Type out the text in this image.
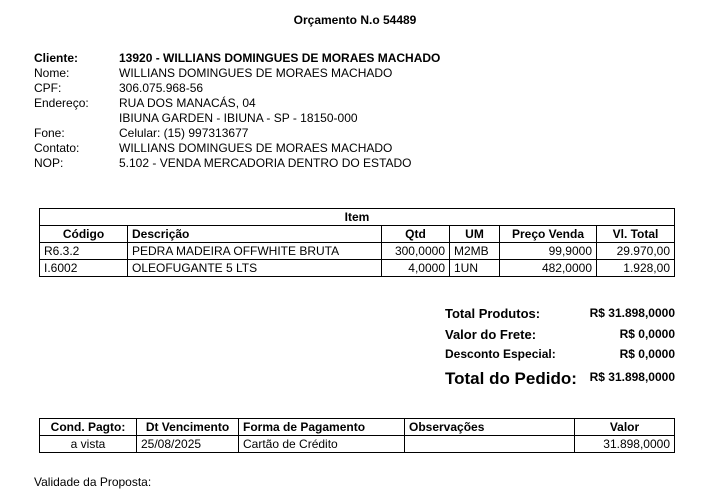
Orçamento N.o 54489
Cliente:	13920 - WILLIANS DOMINGUES DE MORAES MACHADO
Nome:	WILLIANS DOMINGUES DE MORAES MACHADO
CPF:	306.075.968-56
Endereço:	RUA DOS MANACÁS, 04
IBIUNA GARDEN - IBIUNA - SP - 18150-000
Fone:	Celular: (15) 997313677
Contato:	WILLIANS DOMINGUES DE MORAES MACHADO
NOP:	5.102 - VENDA MERCADORIA DENTRO DO ESTADO
Item					
Código	Descrição	Qtd	UM	Preço Venda	Vl. Total
R6.3.2	PEDRA MADEIRA OFFWHITE BRUTA	300,0000	M2MB	99,9000	29.970,00
I.6002	OLEOFUGANTE 5 LTS	4,0000	1UN	482,0000	1.928,00
Total Produtos:	R$ 31.898,0000
Valor do Frete:	R$ 0,0000
Desconto Especial:	R$ 0,0000
Total do Pedido: R$ 31.898,0000
Cond. Pagto:	Dt Vencimento	Forma de Pagamento	Observações	Valor
a vista	25/08/2025	Cartão de Crédito		31.898,0000
Validade da Proposta:
